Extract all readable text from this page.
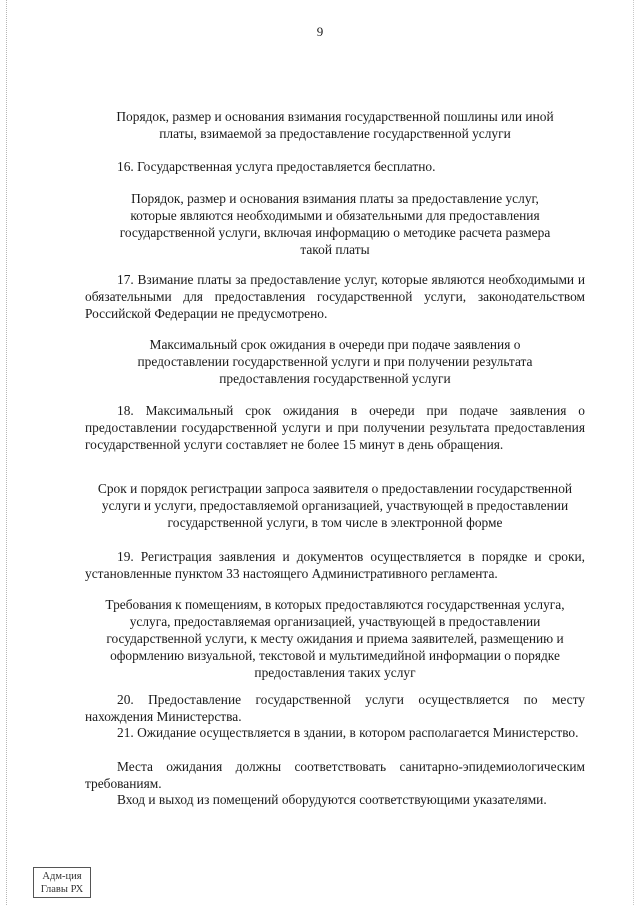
9
Порядок, размер и основания взимания государственной пошлины или иной платы, взимаемой за предоставление государственной услуги
16. Государственная услуга предоставляется бесплатно.
Порядок, размер и основания взимания платы за предоставление услуг, которые являются необходимыми и обязательными для предоставления государственной услуги, включая информацию о методике расчета размера такой платы
17. Взимание платы за предоставление услуг, которые являются необходимыми и обязательными для предоставления государственной услуги, законодательством Российской Федерации не предусмотрено.
Максимальный срок ожидания в очереди при подаче заявления о предоставлении государственной услуги и при получении результата предоставления государственной услуги
18. Максимальный срок ожидания в очереди при подаче заявления о предоставлении государственной услуги и при получении результата предоставления государственной услуги составляет не более 15 минут в день обращения.
Срок и порядок регистрации запроса заявителя о предоставлении государственной услуги и услуги, предоставляемой организацией, участвующей в предоставлении государственной услуги, в том числе в электронной форме
19. Регистрация заявления и документов осуществляется в порядке и сроки, установленные пунктом 33 настоящего Административного регламента.
Требования к помещениям, в которых предоставляются государственная услуга, услуга, предоставляемая организацией, участвующей в предоставлении государственной услуги, к месту ожидания и приема заявителей, размещению и оформлению визуальной, текстовой и мультимедийной информации о порядке предоставления таких услуг
20. Предоставление государственной услуги осуществляется по месту нахождения Министерства.
21. Ожидание осуществляется в здании, в котором располагается Министерство.
Места ожидания должны соответствовать санитарно-эпидемиологическим требованиям.
Вход и выход из помещений оборудуются соответствующими указателями.
Адм-ция
Главы РХ
